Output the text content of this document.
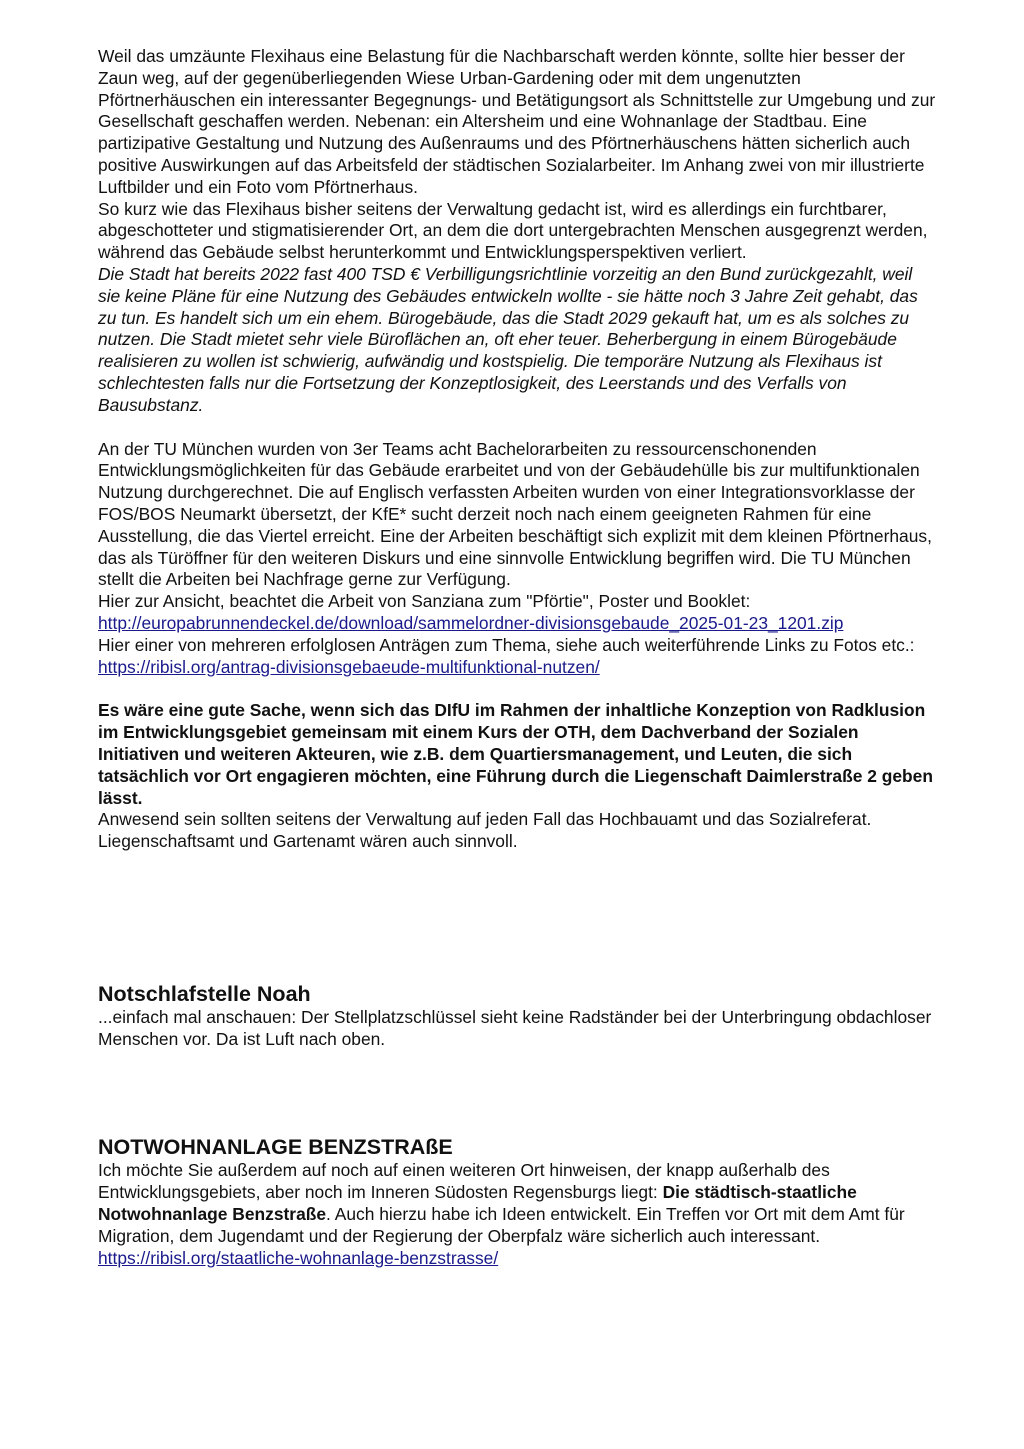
Weil das umzäunte Flexihaus eine Belastung für die Nachbarschaft werden könnte, sollte hier besser der Zaun weg, auf der gegenüberliegenden Wiese Urban-Gardening oder mit dem ungenutzten Pförtnerhäuschen ein interessanter Begegnungs- und Betätigungsort als Schnittstelle zur Umgebung und zur Gesellschaft geschaffen werden. Nebenan: ein Altersheim und eine Wohnanlage der Stadtbau. Eine partizipative Gestaltung und Nutzung des Außenraums und des Pförtnerhäuschens hätten sicherlich auch positive Auswirkungen auf das Arbeitsfeld der städtischen Sozialarbeiter. Im Anhang zwei von mir illustrierte Luftbilder und ein Foto vom Pförtnerhaus.

So kurz wie das Flexihaus bisher seitens der Verwaltung gedacht ist, wird es allerdings ein furchtbarer, abgeschotteter und stigmatisierender Ort, an dem die dort untergebrachten Menschen ausgegrenzt werden, während das Gebäude selbst herunterkommt und Entwicklungsperspektiven verliert.

Die Stadt hat bereits 2022 fast 400 TSD € Verbilligungsrichtlinie vorzeitig an den Bund zurückgezahlt, weil sie keine Pläne für eine Nutzung des Gebäudes entwickeln wollte - sie hätte noch 3 Jahre Zeit gehabt, das zu tun. Es handelt sich um ein ehem. Bürogebäude, das die Stadt 2029 gekauft hat, um es als solches zu nutzen. Die Stadt mietet sehr viele Büroflächen an, oft eher teuer. Beherbergung in einem Bürogebäude realisieren zu wollen ist schwierig, aufwändig und kostspielig. Die temporäre Nutzung als Flexihaus ist schlechtesten falls nur die Fortsetzung der Konzeptlosigkeit, des Leerstands und des Verfalls von Bausubstanz.

An der TU München wurden von 3er Teams acht Bachelorarbeiten zu ressourcenschonenden Entwicklungsmöglichkeiten für das Gebäude erarbeitet und von der Gebäudehülle bis zur multifunktionalen Nutzung durchgerechnet. Die auf Englisch verfassten Arbeiten wurden von einer Integrationsvorklasse der FOS/BOS Neumarkt übersetzt, der KfE* sucht derzeit noch nach einem geeigneten Rahmen für eine Ausstellung, die das Viertel erreicht. Eine der Arbeiten beschäftigt sich explizit mit dem kleinen Pförtnerhaus, das als Türöffner für den weiteren Diskurs und eine sinnvolle Entwicklung begriffen wird. Die TU München stellt die Arbeiten bei Nachfrage gerne zur Verfügung.

Hier zur Ansicht, beachtet die Arbeit von Sanziana zum "Pförtie", Poster und Booklet: http://europabrunnendeckel.de/download/sammelordner-divisionsgebaude_2025-01-23_1201.zip

Hier einer von mehreren erfolglosen Anträgen zum Thema, siehe auch weiterführende Links zu Fotos etc.: https://ribisl.org/antrag-divisionsgebaeude-multifunktional-nutzen/

Es wäre eine gute Sache, wenn sich das DIfU im Rahmen der inhaltliche Konzeption von Radklusion im Entwicklungsgebiet gemeinsam mit einem Kurs der OTH, dem Dachverband der Sozialen Initiativen und weiteren Akteuren, wie z.B. dem Quartiersmanagement, und Leuten, die sich tatsächlich vor Ort engagieren möchten, eine Führung durch die Liegenschaft Daimlerstraße 2 geben lässt.

Anwesend sein sollten seitens der Verwaltung auf jeden Fall das Hochbauamt und das Sozialreferat. Liegenschaftsamt und Gartenamt wären auch sinnvoll.

Notschlafstelle Noah

...einfach mal anschauen: Der Stellplatzschlüssel sieht keine Radständer bei der Unterbringung obdachloser Menschen vor. Da ist Luft nach oben.

NOTWOHNANLAGE BENZSTRAßE

Ich möchte Sie außerdem auf noch auf einen weiteren Ort hinweisen, der knapp außerhalb des Entwicklungsgebiets, aber noch im Inneren Südosten Regensburgs liegt: Die städtisch-staatliche Notwohnanlage Benzstraße. Auch hierzu habe ich Ideen entwickelt. Ein Treffen vor Ort mit dem Amt für Migration, dem Jugendamt und der Regierung der Oberpfalz wäre sicherlich auch interessant. https://ribisl.org/staatliche-wohnanlage-benzstrasse/
